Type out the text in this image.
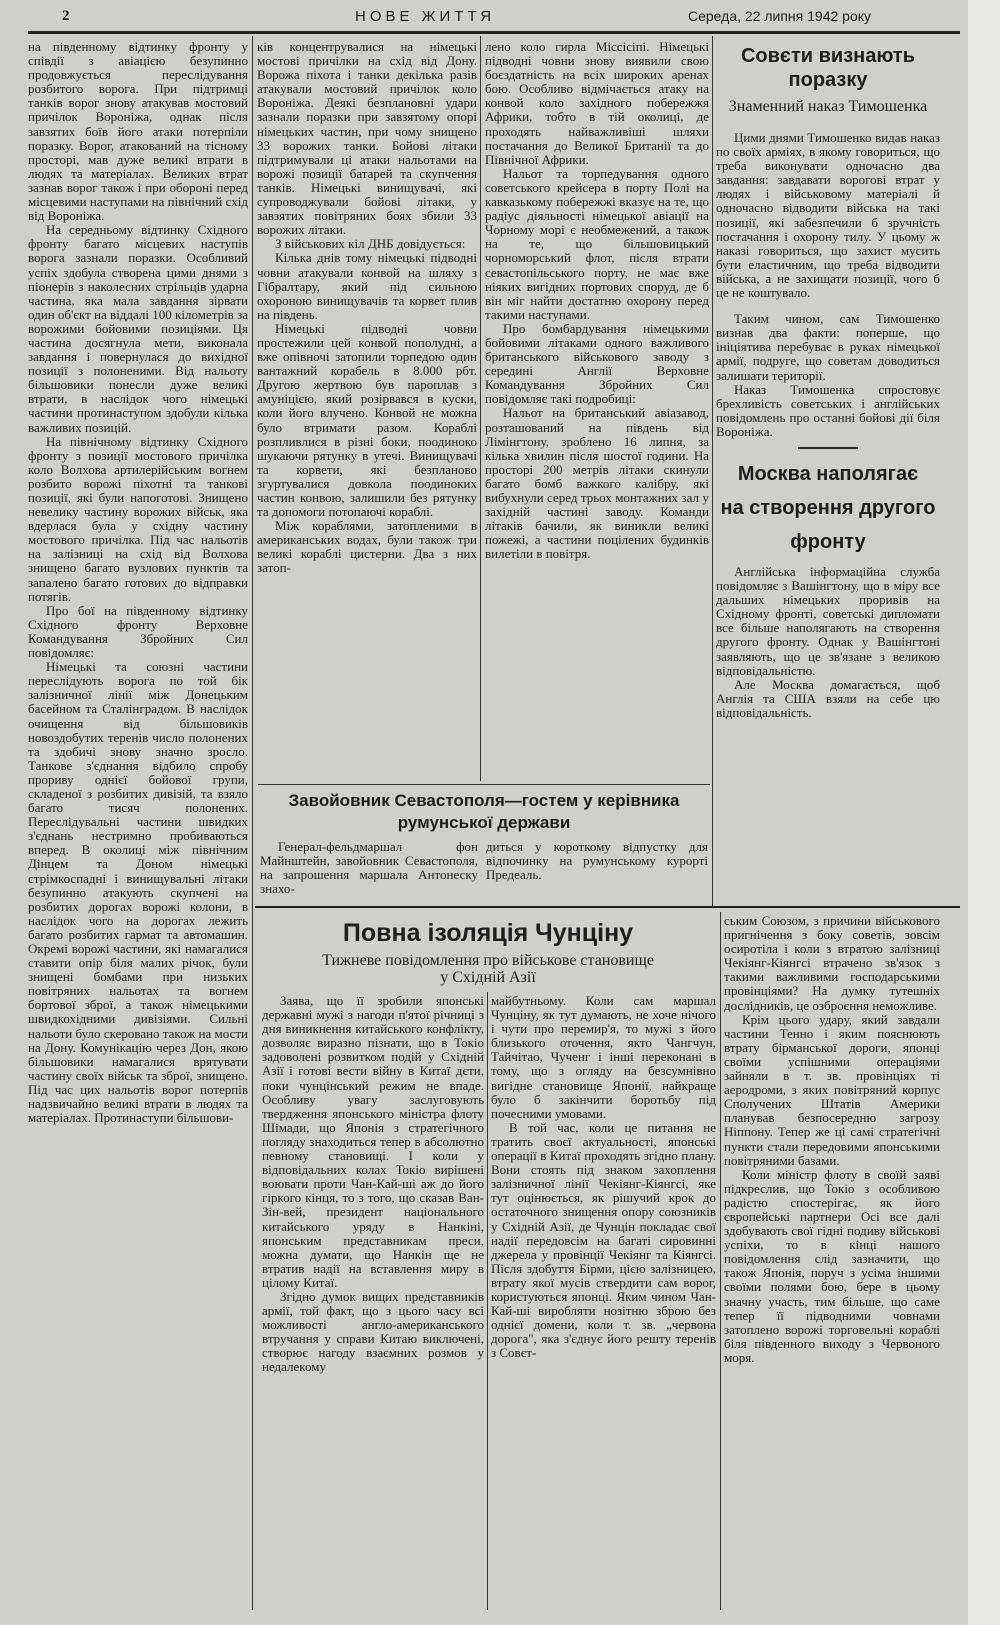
2	НОВЕ ЖИТТЯ	Середа, 22 липня 1942 року

на південному відтинку фронту у співдії з авіацією безупинно продовжується переслідування розбитого ворога. При підтримці танків ворог знову атакував мостовий причілок Вороніжа, однак після завзятих боїв його атаки потерпіли поразку. Ворог, атакований на тісному просторі, мав дуже великі втрати в людях та матеріалах. Великих втрат зазнав ворог також і при обороні перед місцевими наступами на північний схід від Вороніжа.

На середньому відтинку Східного фронту багато місцевих наступів ворога зазнали поразки. Особливий успіх здобула створена цими днями з піонерів з наколесних стрільців ударна частина, яка мала завдання зірвати один об'єкт на віддалі 100 кілометрів за ворожими бойовими позиціями. Ця частина досягнула мети, виконала завдання і повернулася до вихідної позиції з полоненими. Від нальоту більшовики понесли дуже великі втрати, в наслідок чого німецькі частини протинаступом здобули кілька важливих позицій.

На північному відтинку Східного фронту з позиції мостового причілка коло Волхова артилерійським вогнем розбито ворожі піхотні та танкові позиції, які були напоготові. Знищено невелику частину ворожих військ, яка вдерлася була у східну частину мостового причілка. Під час нальотів на залізниці на схід від Волхова знищено багато вузлових пунктів та запалено багато готових до відправки потягів.

Про бої на південному відтинку Східного фронту Верховне Командування Збройних Сил повідомляє:

Німецькі та союзні частини переслідують ворога по той бік залізничної лінії між Донецьким басейном та Сталінградом. В наслідок очищення від більшовиків новоздобутих теренів число полонених та здобичі знову значно зросло. Танкове з'єднання відбило спробу прориву однієї бойової групи, складеної з розбитих дивізій, та взяло багато тисяч полонених. Переслідувальні частини швидких з'єднань нестримно пробиваються вперед. В околиці між північним Дінцем та Доном німецькі стрімкоспадні і винищувальні літаки безупинно атакують скупчені на розбитих дорогах ворожі колони, в наслідок чого на дорогах лежить багато розбитих гармат та автомашин. Окремі ворожі частини, які намагалися ставити опір біля малих річок, були знищені бомбами при низьких повітряних нальотах та вогнем бортової зброї, а також німецькими швидкохідними дивізіями. Сильні нальоти було скеровано також на мости на Дону. Комунікацію через Дон, якою більшовики намагалися врятувати частину своїх військ та зброї, знищено. Під час цих нальотів ворог потерпів надзвичайно великі втрати в людях та матеріалах. Протинаступи більшови-

ків концентрувалися на німецькі мостові причілки на схід від Дону. Ворожа піхота і танки декілька разів атакували мостовий причілок коло Вороніжа. Деякі безплановні удари зазнали поразки при завзятому опорі німецьких частин, при чому знищено 33 ворожих танки. Бойові літаки підтримували ці атаки нальотами на ворожі позиції батарей та скупчення танків. Німецькі винищувачі, які супроводжували бойові літаки, у завзятих повітряних боях збили 33 ворожих літаки.

З військових кіл ДНБ довідується:

Кілька днів тому німецькі підводні човни атакували конвой на шляху з Гібралтару, який під сильною охороною винищувачів та корвет плив на південь.

Німецькі підводні човни простежили цей конвой пополудні, а вже опівночі затопили торпедою один вантажний корабель в 8.000 рбт. Другою жертвою був пароплав з амуніцією, який розірвався в куски, коли його влучено. Конвой не можна було втримати разом. Кораблі розпливлися в різні боки, поодиноко шукаючи рятунку в утечі. Винищувачі та корвети, які безпланово згуртувалися довкола поодиноких частин конвою, залишили без рятунку та допомоги потопаючі кораблі.

Між кораблями, затопленими в американських водах, були також три великі кораблі цистерни. Два з них затоп-

лено коло гирла Міссісіпі. Німецькі підводні човни знову виявили свою боєздатність на всіх широких аренах бою. Особливо відмічається атаку на конвой коло західного побережжя Африки, тобто в тій околиці, де проходять найважливіші шляхи постачання до Великої Британії та до Північної Африки.

Нальот та торпедування одного советського крейсера в порту Полі на кавказькому побережжі вказує на те, що радіус діяльності німецької авіації на Чорному морі є необмежений, а також на те, що більшовицький чорноморський флот, після втрати севастопільського порту, не має вже ніяких вигідних портових споруд, де б він міг найти достатню охорону перед такими наступами.

Про бомбардування німецькими бойовими літаками одного важливого британського військового заводу з середині Англії Верховне Командування Збройних Сил повідомляє такі подробиці:

Нальот на британський авіазавод, розташований на південь від Лімінгтону, зроблено 16 липня, за кілька хвилин після шостої години. На просторі 200 метрів літаки скинули багато бомб важкого калібру, які вибухнули серед трьох монтажних зал у західній частині заводу. Команди літаків бачили, як виникли великі пожежі, а частини поцілених будинків вилетіли в повітря.

Совєти визнають поразку
Знаменний наказ Тимошенка

Цими днями Тимошенко видав наказ по своїх арміях, в якому говориться, що треба виконувати одночасно два завдання: завдавати ворогові втрат у людях і військовому матеріалі й одночасно відводити війська на такі позиції, які забезпечили б зручність постачання і охорону тилу. У цьому ж наказі говориться, що захист мусить бути еластичним, що треба відводити війська, а не захищати позиції, чого б це не коштувало.

Таким чином, сам Тимошенко визнав два факти: поперше, що ініціятива перебуває в руках німецької армії, подруге, що советам доводиться залишати території.

Наказ Тимошенка спростовує брехливість советських і англійських повідомлень про останні бойові дії біля Вороніжа.

Москва наполягає
на створення другого
фронту

Англійська інформаційна служба повідомляє з Вашінгтону, що в міру все дальших німецьких проривів на Східному фронті, советські дипломати все більше наполягають на створення другого фронту. Однак у Вашінгтоні заявляють, що це зв'язане з великою відповідальністю.

Але Москва домагається, щоб Англія та США взяли на себе цю відповідальність.

Завойовник Севастополя—гостем у керівника
румунської держави

Генерал-фельдмаршал фон Майнштейн, завойовник Севастополя, на запрошення маршала Антонеску знахо-

диться у короткому відпустку для відпочинку на румунському курорті Предеаль.

Повна ізоляція Чунціну
Тижневе повідомлення про військове становище
у Східній Азії

Заява, що її зробили японські державні мужі з нагоди п'ятої річниці з дня виникнення китайського конфлікту, дозволяє виразно пізнати, що в Токіо задоволені розвитком подій у Східній Азії і готові вести війну в Китаї дєти, поки чунцінський режим не впаде. Особливу увагу заслуговують твердження японського міністра флоту Шімади, що Японія з стратегічного погляду знаходиться тепер в абсолютно певному становищі. І коли у відповідальних колах Токіо вирішені воювати проти Чан-Кай-ші аж до його гіркого кінця, то з того, що сказав Ван-Зін-вей, президент національного китайського уряду в Нанкіні, японським представникам преси, можна думати, що Нанкін ще не втратив надії на вставлення миру в цілому Китаї.

Згідно думок вищих представників армії, той факт, що з цього часу всі можливості англо-американського втручання у справи Китаю виключені, створює нагоду взаємних розмов у недалекому

майбутньому. Коли сам маршал Чунціну, як тут думають, не хоче нічого і чути про перемир'я, то мужі з його близького оточення, якто Чангчун, Тайчітао, Чученг і інші переконані в тому, що з огляду на безсумнівно вигідне становище Японії, найкраще було б закінчити боротьбу під почесними умовами.

В той час, коли це питання не тратить своєї актуальності, японські операції в Китаї проходять згідно плану. Вони стоять під знаком захоплення залізничної лінії Чекіянг-Кіянгсі, яке тут оцінюється, як рішучий крок до остаточного знищення опору союзників у Східній Азії, де Чунцін покладає свої надії передовсім на багаті сировинні джерела у провінції Чекіянг та Кіянгсі. Після здобуття Бірми, цією залізницею, втрату якої мусів ствердити сам ворог, користуються японці. Яким чином Чан-Кай-ші виробляти нозітню зброю без однієї домени, коли т. зв. „червона дорога", яка з'єднує його решту теренів з Совєт-

ським Союзом, з причини військового пригнічення з боку советів, зовсім осиротіла і коли з втратою залізниці Чекіянг-Кіянгсі втрачено зв'язок з такими важливими господарськими провінціями? На думку тутешніх дослідників, це озброєння неможливе.

Крім цього удару, який завдали частини Тенно і яким пояснюють втрату бірманської дороги, японці своїми успішними операціями зайняли в т. зв. провінціях ті аеродроми, з яких повітряний корпус Сполучених Штатів Америки планував безпосередню загрозу Ніппону. Тепер же ці самі стратегічні пункти стали передовими японськими повітряними базами.

Коли міністр флоту в своїй заяві підкреслив, що Токіо з особливою радістю спостерігає, як його європейські партнери Осі все далі здобувають свої гідні подиву військові успіхи, то в кінці нашого повідомлення слід зазначити, що також Японія, поруч з усіма іншими своїми полями бою, бере в цьому значну участь, тим більше, що саме тепер її підводними човнами затоплено ворожі торговельні кораблі біля південного виходу з Червоного моря.
